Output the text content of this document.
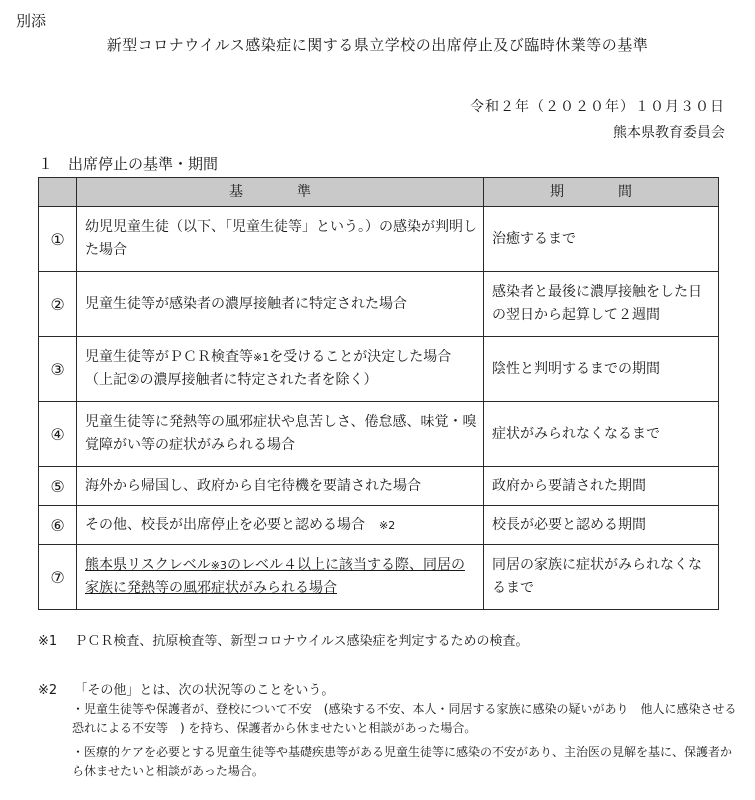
別添
新型コロナウイルス感染症に関する県立学校の出席停止及び臨時休業等の基準
令和２年（２０２０年）１０月３０日
熊本県教育委員会
１　出席停止の基準・期間
	基　準	期　間
①	幼児児童生徒（以下、「児童生徒等」という。）の感染が判明した場合	治癒するまで
②	児童生徒等が感染者の濃厚接触者に特定された場合	感染者と最後に濃厚接触をした日の翌日から起算して２週間
③	児童生徒等がＰＣＲ検査等※1を受けることが決定した場合（上記②の濃厚接触者に特定された者を除く）	陰性と判明するまでの期間
④	児童生徒等に発熱等の風邪症状や息苦しさ、倦怠感、味覚・嗅覚障がい等の症状がみられる場合	症状がみられなくなるまで
⑤	海外から帰国し、政府から自宅待機を要請された場合	政府から要請された期間
⑥	その他、校長が出席停止を必要と認める場合　 ※2	校長が必要と認める期間
⑦	熊本県リスクレベル※3のレベル４以上に該当する際、同居の家族に発熱等の風邪症状がみられる場合	同居の家族に症状がみられなくなるまで
※1　 ＰＣＲ検査、抗原検査等、新型コロナウイルス感染症を判定するための検査。
※2　 「その他」とは、次の状況等のことをいう。
・児童生徒等や保護者が、登校について不安　(感染する不安、本人・同居する家族に感染の疑いがあり　他人に感染させる恐れによる不安等　) を持ち、保護者から休ませたいと相談があった場合。
・医療的ケアを必要とする児童生徒等や基礎疾患等がある児童生徒等に感染の不安があり、主治医の見解を基に、保護者から休ませたいと相談があった場合。
